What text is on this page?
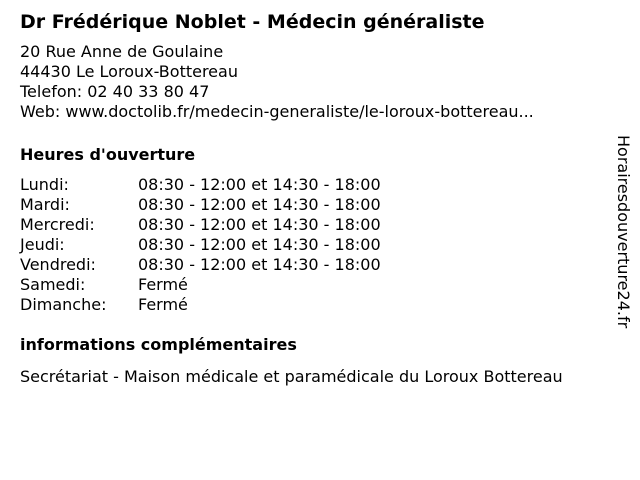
Dr Frédérique Noblet - Médecin généraliste
20 Rue Anne de Goulaine
44430 Le Loroux-Bottereau
Telefon: 02 40 33 80 47
Web: www.doctolib.fr/medecin-generaliste/le-loroux-bottereau...
Heures d'ouverture
Lundi:	08:30 - 12:00 et 14:30 - 18:00
Mardi:	08:30 - 12:00 et 14:30 - 18:00
Mercredi:	08:30 - 12:00 et 14:30 - 18:00
Jeudi:	08:30 - 12:00 et 14:30 - 18:00
Vendredi:	08:30 - 12:00 et 14:30 - 18:00
Samedi:	Fermé
Dimanche:	Fermé
informations complémentaires
Secrétariat - Maison médicale et paramédicale du Loroux Bottereau
Horairesdouverture24.fr
